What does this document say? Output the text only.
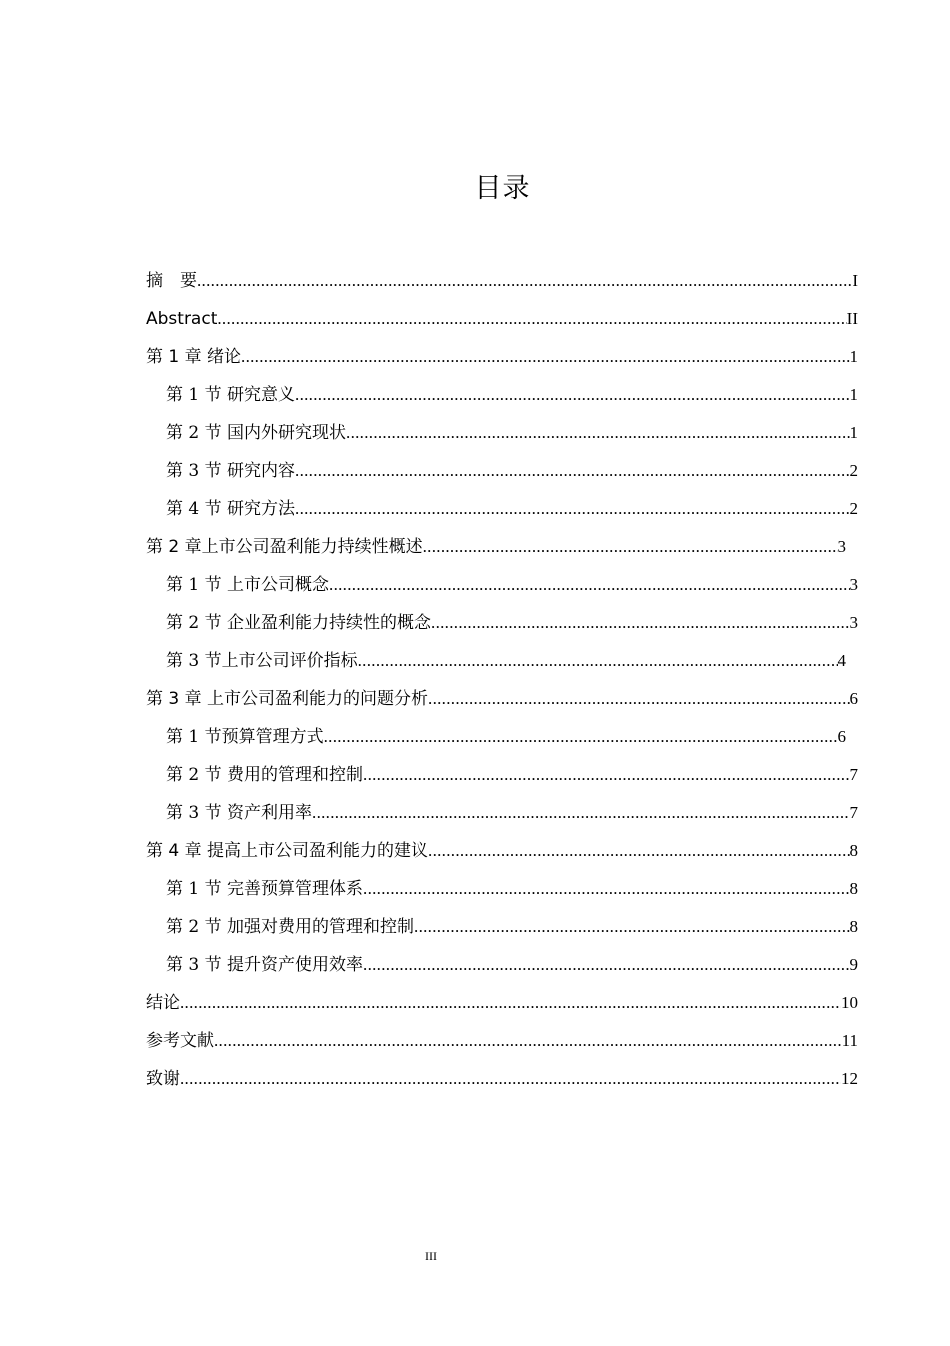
目录
摘　要 .....	I
Abstract .....	II
第 1 章 绪论 .....	1
第 1 节 研究意义 .....	1
第 2 节 国内外研究现状 .....	1
第 3 节 研究内容 .....	2
第 4 节 研究方法 .....	2
第 2 章上市公司盈利能力持续性概述 .....	3
第 1 节 上市公司概念 .....	3
第 2 节 企业盈利能力持续性的概念 .....	3
第 3 节上市公司评价指标 .....	4
第 3 章 上市公司盈利能力的问题分析 .....	6
第 1 节预算管理方式 .....	6
第 2 节 费用的管理和控制 .....	7
第 3 节 资产利用率 .....	7
第 4 章 提高上市公司盈利能力的建议 .....	8
第 1 节 完善预算管理体系 .....	8
第 2 节 加强对费用的管理和控制 .....	8
第 3 节 提升资产使用效率 .....	9
结论 .....	10
参考文献 .....	11
致谢 .....	12
III
